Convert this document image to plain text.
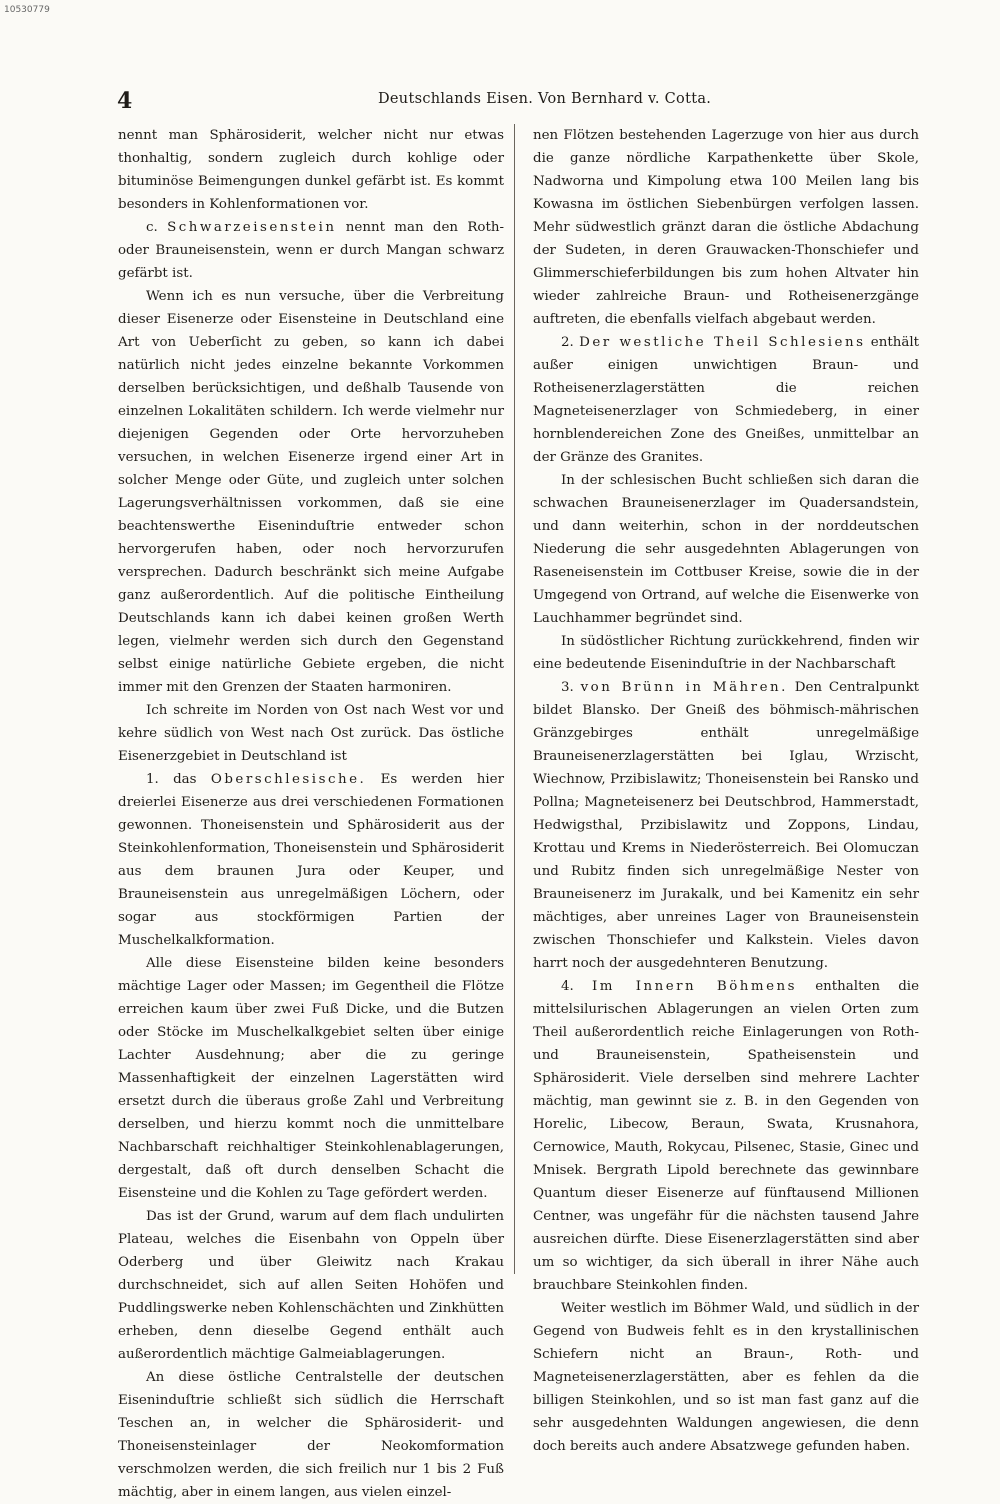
10530779
4	Deutschlands Eisen. Von Bernhard v. Cotta.

nennt man Sphärosiderit, welcher nicht nur etwas thonhaltig, sondern zugleich durch kohlige oder bituminöse Beimengungen dunkel gefärbt ist. Es kommt besonders in Kohlenformationen vor.

c. Schwarzeisenstein nennt man den Roth- oder Brauneisenstein, wenn er durch Mangan schwarz gefärbt ist.

Wenn ich es nun versuche, über die Verbreitung dieser Eisenerze oder Eisensteine in Deutschland eine Art von Ueberſicht zu geben, so kann ich dabei natürlich nicht jedes einzelne bekannte Vorkommen derselben berücksichtigen, und deßhalb Tausende von einzelnen Lokalitäten schildern. Ich werde vielmehr nur diejenigen Gegenden oder Orte hervorzuheben versuchen, in welchen Eisenerze irgend einer Art in solcher Menge oder Güte, und zugleich unter solchen Lagerungsverhältnissen vorkommen, daß sie eine beachtenswerthe Eiseninduſtrie entweder schon hervorgerufen haben, oder noch hervorzurufen versprechen. Dadurch beschränkt sich meine Aufgabe ganz außerordentlich. Auf die politische Eintheilung Deutschlands kann ich dabei keinen großen Werth legen, vielmehr werden sich durch den Gegenstand selbst einige natürliche Gebiete ergeben, die nicht immer mit den Grenzen der Staaten harmoniren.

Ich schreite im Norden von Ost nach West vor und kehre südlich von West nach Ost zurück. Das östliche Eisenerzgebiet in Deutschland ist

1. das Oberschlesische. Es werden hier dreierlei Eisenerze aus drei verschiedenen Formationen gewonnen. Thoneisenstein und Sphärosiderit aus der Steinkohlenformation, Thoneisenstein und Sphärosiderit aus dem braunen Jura oder Keuper, und Brauneisenstein aus unregelmäßigen Löchern, oder sogar aus stockförmigen Partien der Muschelkalkformation.

Alle diese Eisensteine bilden keine besonders mächtige Lager oder Massen; im Gegentheil die Flötze erreichen kaum über zwei Fuß Dicke, und die Butzen oder Stöcke im Muschelkalkgebiet selten über einige Lachter Ausdehnung; aber die zu geringe Massenhaftigkeit der einzelnen Lagerstätten wird ersetzt durch die überaus große Zahl und Verbreitung derselben, und hierzu kommt noch die unmittelbare Nachbarschaft reichhaltiger Steinkohlenablagerungen, dergestalt, daß oft durch denselben Schacht die Eisensteine und die Kohlen zu Tage gefördert werden.

Das ist der Grund, warum auf dem flach undulirten Plateau, welches die Eisenbahn von Oppeln über Oderberg und über Gleiwitz nach Krakau durchschneidet, sich auf allen Seiten Hohöfen und Puddlingswerke neben Kohlenschächten und Zinkhütten erheben, denn dieselbe Gegend enthält auch außerordentlich mächtige Galmeiablagerungen.

An diese östliche Centralstelle der deutschen Eiseninduſtrie schließt sich südlich die Herrschaft Teschen an, in welcher die Sphärosiderit- und Thoneisensteinlager der Neokomformation verschmolzen werden, die sich freilich nur 1 bis 2 Fuß mächtig, aber in einem langen, aus vielen einzel-

nen Flötzen bestehenden Lagerzuge von hier aus durch die ganze nördliche Karpathenkette über Skole, Nadworna und Kimpolung etwa 100 Meilen lang bis Kowasna im östlichen Siebenbürgen verfolgen lassen. Mehr südwestlich gränzt daran die östliche Abdachung der Sudeten, in deren Grauwacken-Thonschiefer und Glimmerschieferbildungen bis zum hohen Altvater hin wieder zahlreiche Braun- und Rotheisenerzgänge auftreten, die ebenfalls vielfach abgebaut werden.

2. Der westliche Theil Schlesiens enthält außer einigen unwichtigen Braun- und Rotheisenerzlagerstätten die reichen Magneteisenerzlager von Schmiedeberg, in einer hornblendereichen Zone des Gneißes, unmittelbar an der Gränze des Granites.

In der schlesischen Bucht schließen sich daran die schwachen Brauneisenerzlager im Quadersandstein, und dann weiterhin, schon in der norddeutschen Niederung die sehr ausgedehnten Ablagerungen von Raseneisenstein im Cottbuser Kreise, sowie die in der Umgegend von Ortrand, auf welche die Eisenwerke von Lauchhammer begründet sind.

In südöstlicher Richtung zurückkehrend, finden wir eine bedeutende Eiseninduſtrie in der Nachbarschaft

3. von Brünn in Mähren. Den Centralpunkt bildet Blansko. Der Gneiß des böhmisch-mährischen Gränzgebirges enthält unregelmäßige Brauneisenerzlagerstätten bei Iglau, Wrzischt, Wiechnow, Przibislawitz; Thoneisenstein bei Ransko und Pollna; Magneteisenerz bei Deutschbrod, Hammerstadt, Hedwigsthal, Przibislawitz und Zoppons, Lindau, Krottau und Krems in Niederösterreich. Bei Olomuczan und Rubitz finden sich unregelmäßige Nester von Brauneisenerz im Jurakalk, und bei Kamenitz ein sehr mächtiges, aber unreines Lager von Brauneisenstein zwischen Thonschiefer und Kalkstein. Vieles davon harrt noch der ausgedehnteren Benutzung.

4. Im Innern Böhmens enthalten die mittelsilurischen Ablagerungen an vielen Orten zum Theil außerordentlich reiche Einlagerungen von Roth- und Brauneisenstein, Spatheisenstein und Sphärosiderit. Viele derselben sind mehrere Lachter mächtig, man gewinnt sie z. B. in den Gegenden von Horelic, Libecow, Beraun, Swata, Krusnahora, Cernowice, Mauth, Rokycau, Pilsenec, Stasie, Ginec und Mnisek. Bergrath Lipold berechnete das gewinnbare Quantum dieser Eisenerze auf fünftausend Millionen Centner, was ungefähr für die nächsten tausend Jahre ausreichen dürfte. Diese Eisenerzlagerstätten sind aber um so wichtiger, da sich überall in ihrer Nähe auch brauchbare Steinkohlen finden.

Weiter westlich im Böhmer Wald, und südlich in der Gegend von Budweis fehlt es in den krystallinischen Schiefern nicht an Braun-, Roth- und Magneteisenerzlagerstätten, aber es fehlen da die billigen Steinkohlen, und so ist man fast ganz auf die sehr ausgedehnten Waldungen angewiesen, die denn doch bereits auch andere Absatzwege gefunden haben.
